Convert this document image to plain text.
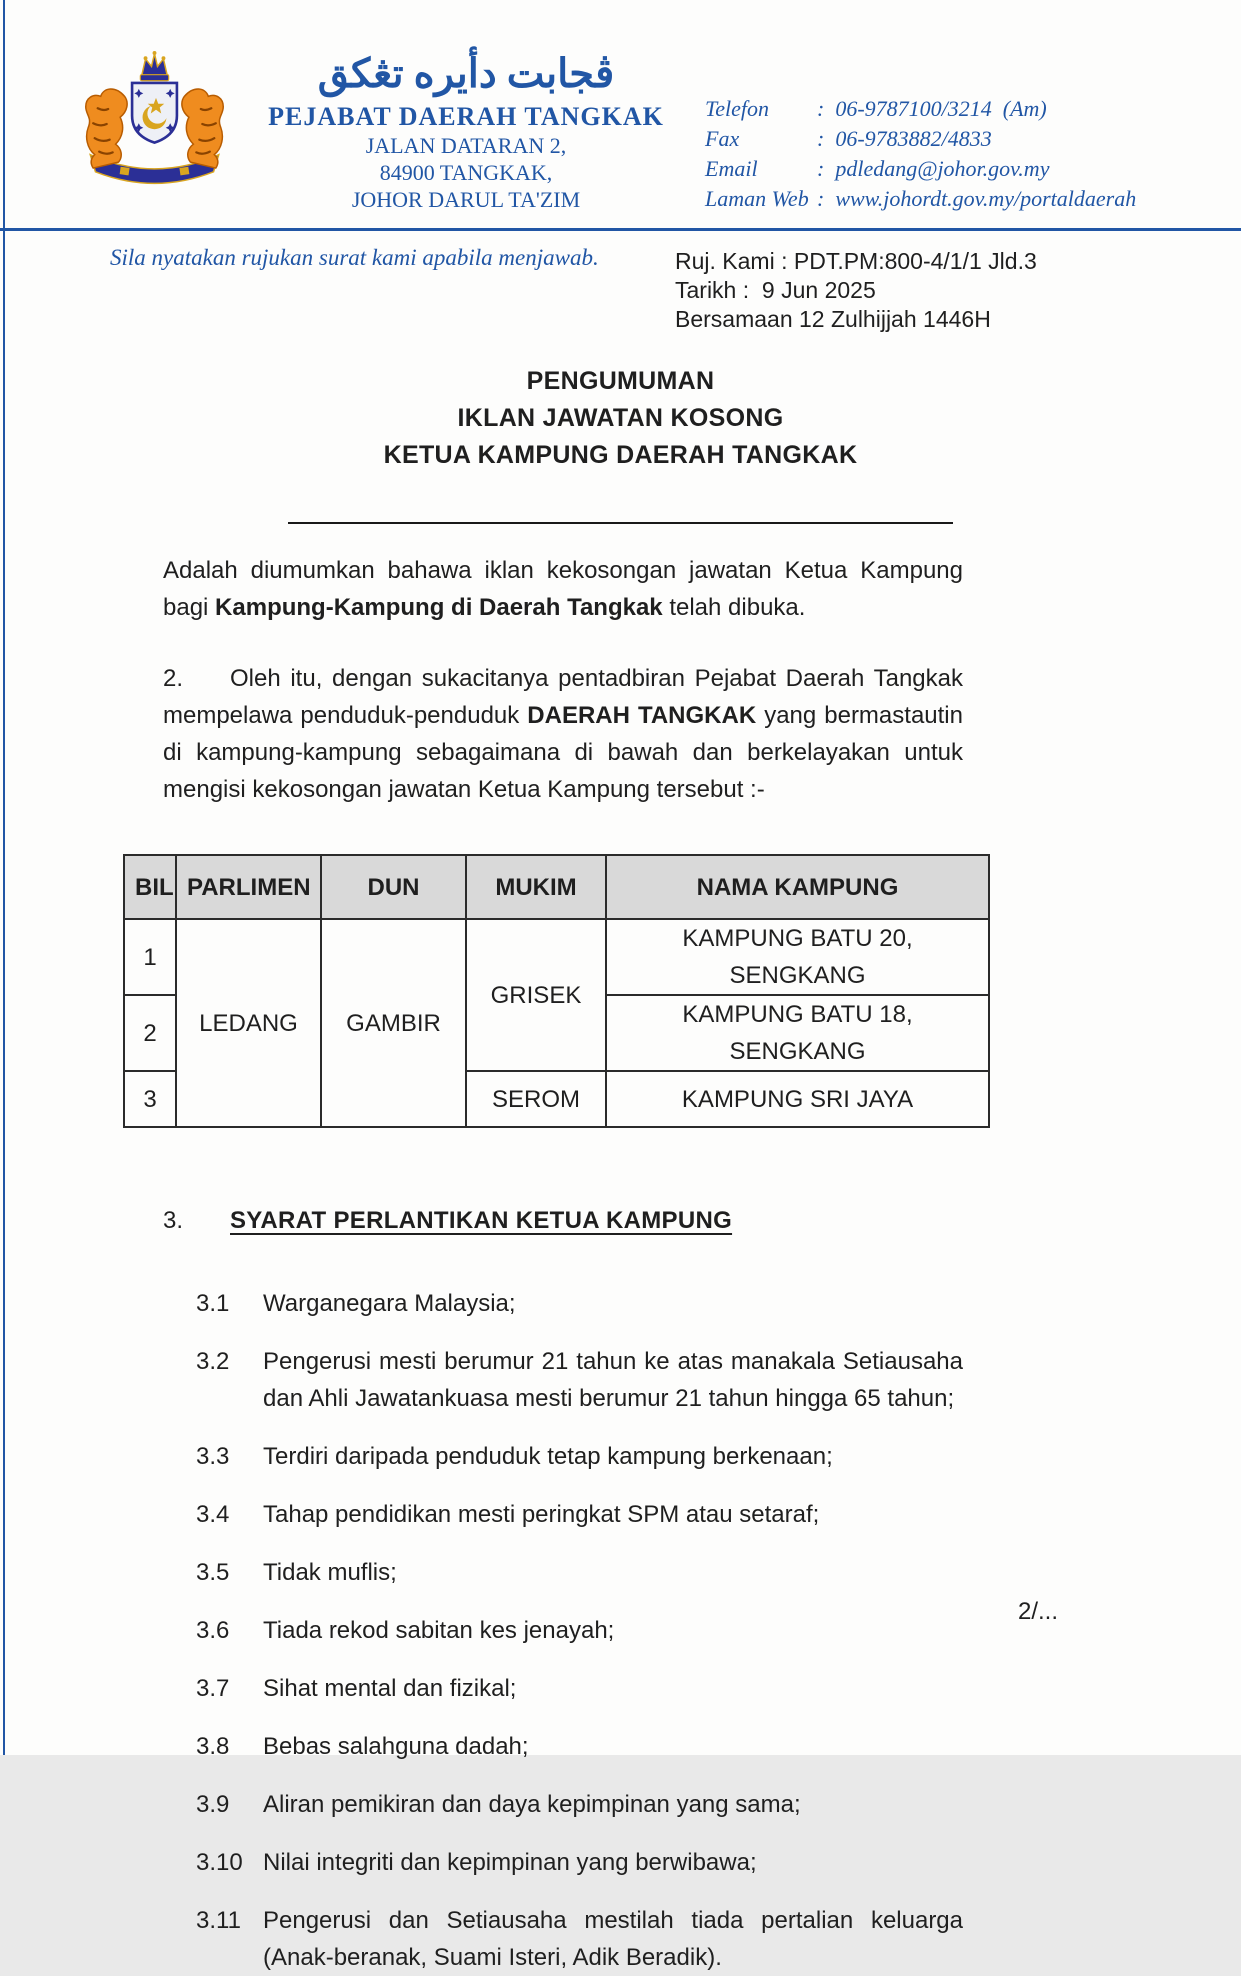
ڤجابت دأيره تڠكق
PEJABAT DAERAH TANGKAK
JALAN DATARAN 2,
84900 TANGKAK,
JOHOR DARUL TA'ZIM
Telefon	:  06-9787100/3214  (Am)
Fax	:  06-9783882/4833
Email	:  pdledang@johor.gov.my
Laman Web :  www.johordt.gov.my/portaldaerah
Sila nyatakan rujukan surat kami apabila menjawab.	Ruj. Kami : PDT.PM:800-4/1/1 Jld.3
Tarikh :  9 Jun 2025
Bersamaan 12 Zulhijjah 1446H
PENGUMUMAN
IKLAN JAWATAN KOSONG
KETUA KAMPUNG DAERAH TANGKAK
Adalah diumumkan bahawa iklan kekosongan jawatan Ketua Kampung bagi Kampung-Kampung di Daerah Tangkak telah dibuka.
2. Oleh itu, dengan sukacitanya pentadbiran Pejabat Daerah Tangkak mempelawa penduduk-penduduk DAERAH TANGKAK yang bermastautin di kampung-kampung sebagaimana di bawah dan berkelayakan untuk mengisi kekosongan jawatan Ketua Kampung tersebut :-
BIL	PARLIMEN	DUN	MUKIM	NAMA KAMPUNG
1	LEDANG	GAMBIR	GRISEK	KAMPUNG BATU 20, SENGKANG
2				KAMPUNG BATU 18, SENGKANG
3			SEROM	KAMPUNG SRI JAYA
3. SYARAT PERLANTIKAN KETUA KAMPUNG
3.1	Warganegara Malaysia;
3.2	Pengerusi mesti berumur 21 tahun ke atas manakala Setiausaha dan Ahli Jawatankuasa mesti berumur 21 tahun hingga 65 tahun;
3.3	Terdiri daripada penduduk tetap kampung berkenaan;
3.4	Tahap pendidikan mesti peringkat SPM atau setaraf;
3.5	Tidak muflis;
3.6	Tiada rekod sabitan kes jenayah;
3.7	Sihat mental dan fizikal;
3.8	Bebas salahguna dadah;
3.9	Aliran pemikiran dan daya kepimpinan yang sama;
3.10 Nilai integriti dan kepimpinan yang berwibawa;
3.11 Pengerusi dan Setiausaha mestilah tiada pertalian keluarga (Anak-beranak, Suami Isteri, Adik Beradik).
2/...
